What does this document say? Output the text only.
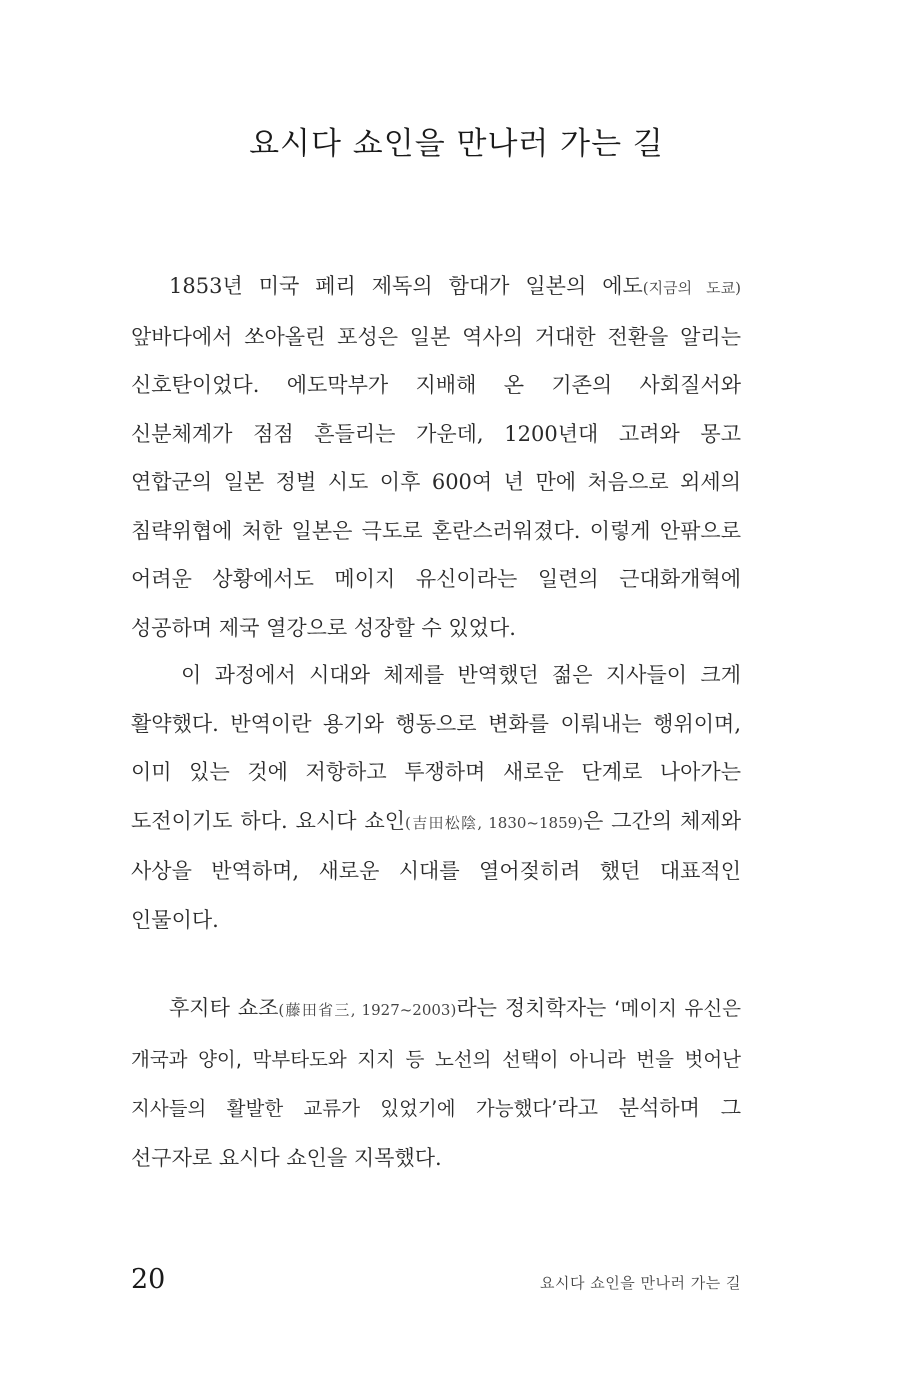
요시다 쇼인을 만나러 가는 길

1853년 미국 페리 제독의 함대가 일본의 에도(지금의 도쿄) 앞바다에서 쏘아올린 포성은 일본 역사의 거대한 전환을 알리는 신호탄이었다. 에도막부가 지배해 온 기존의 사회질서와 신분체계가 점점 흔들리는 가운데, 1200년대 고려와 몽고 연합군의 일본 정벌 시도 이후 600여 년 만에 처음으로 외세의 침략위협에 처한 일본은 극도로 혼란스러워졌다. 이렇게 안팎으로 어려운 상황에서도 메이지 유신이라는 일련의 근대화개혁에 성공하며 제국 열강으로 성장할 수 있었다.

이 과정에서 시대와 체제를 반역했던 젊은 지사들이 크게 활약했다. 반역이란 용기와 행동으로 변화를 이뤄내는 행위이며, 이미 있는 것에 저항하고 투쟁하며 새로운 단계로 나아가는 도전이기도 하다. 요시다 쇼인(吉田松陰, 1830~1859)은 그간의 체제와 사상을 반역하며, 새로운 시대를 열어젖히려 했던 대표적인 인물이다.

후지타 쇼조(藤田省三, 1927~2003)라는 정치학자는 ‘메이지 유신은 개국과 양이, 막부타도와 지지 등 노선의 선택이 아니라 번을 벗어난 지사들의 활발한 교류가 있었기에 가능했다’라고 분석하며 그 선구자로 요시다 쇼인을 지목했다.

20	요시다 쇼인을 만나러 가는 길
